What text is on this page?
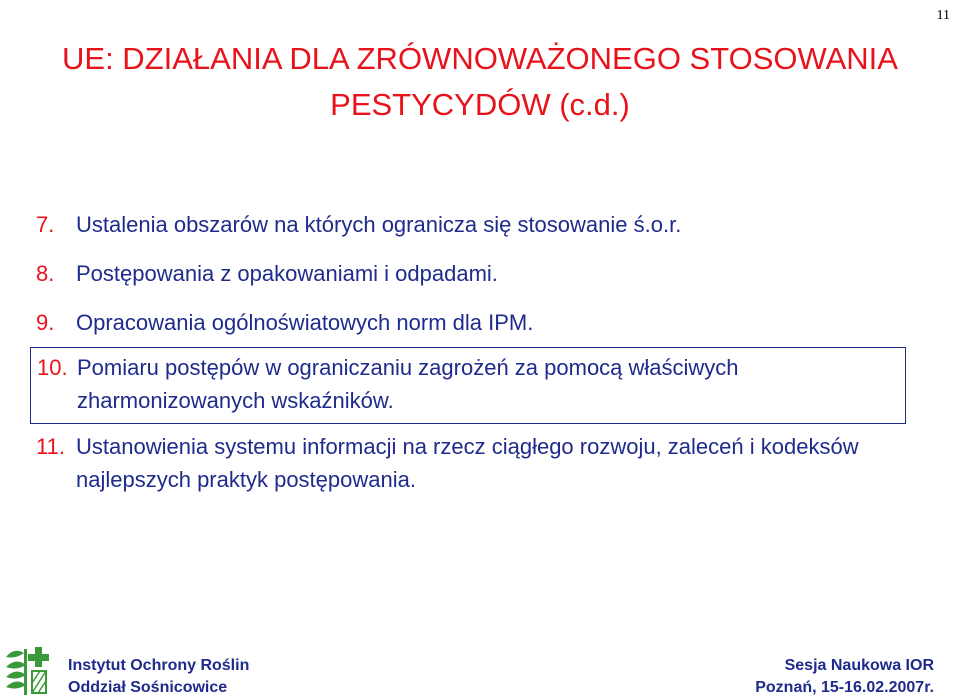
11
UE: DZIAŁANIA DLA ZRÓWNOWAŻONEGO STOSOWANIA
PESTYCYDÓW (c.d.)
7. Ustalenia obszarów na których ogranicza się stosowanie ś.o.r.
8. Postępowania z opakowaniami i odpadami.
9. Opracowania ogólnoświatowych norm dla IPM.
10. Pomiaru postępów w ograniczaniu zagrożeń za pomocą właściwych zharmonizowanych wskaźników.
11. Ustanowienia systemu informacji na rzecz ciągłego rozwoju, zaleceń i kodeksów najlepszych praktyk postępowania.
Instytut Ochrony Roślin
Oddział Sośnicowice
Sesja Naukowa IOR
Poznań, 15-16.02.2007r.
